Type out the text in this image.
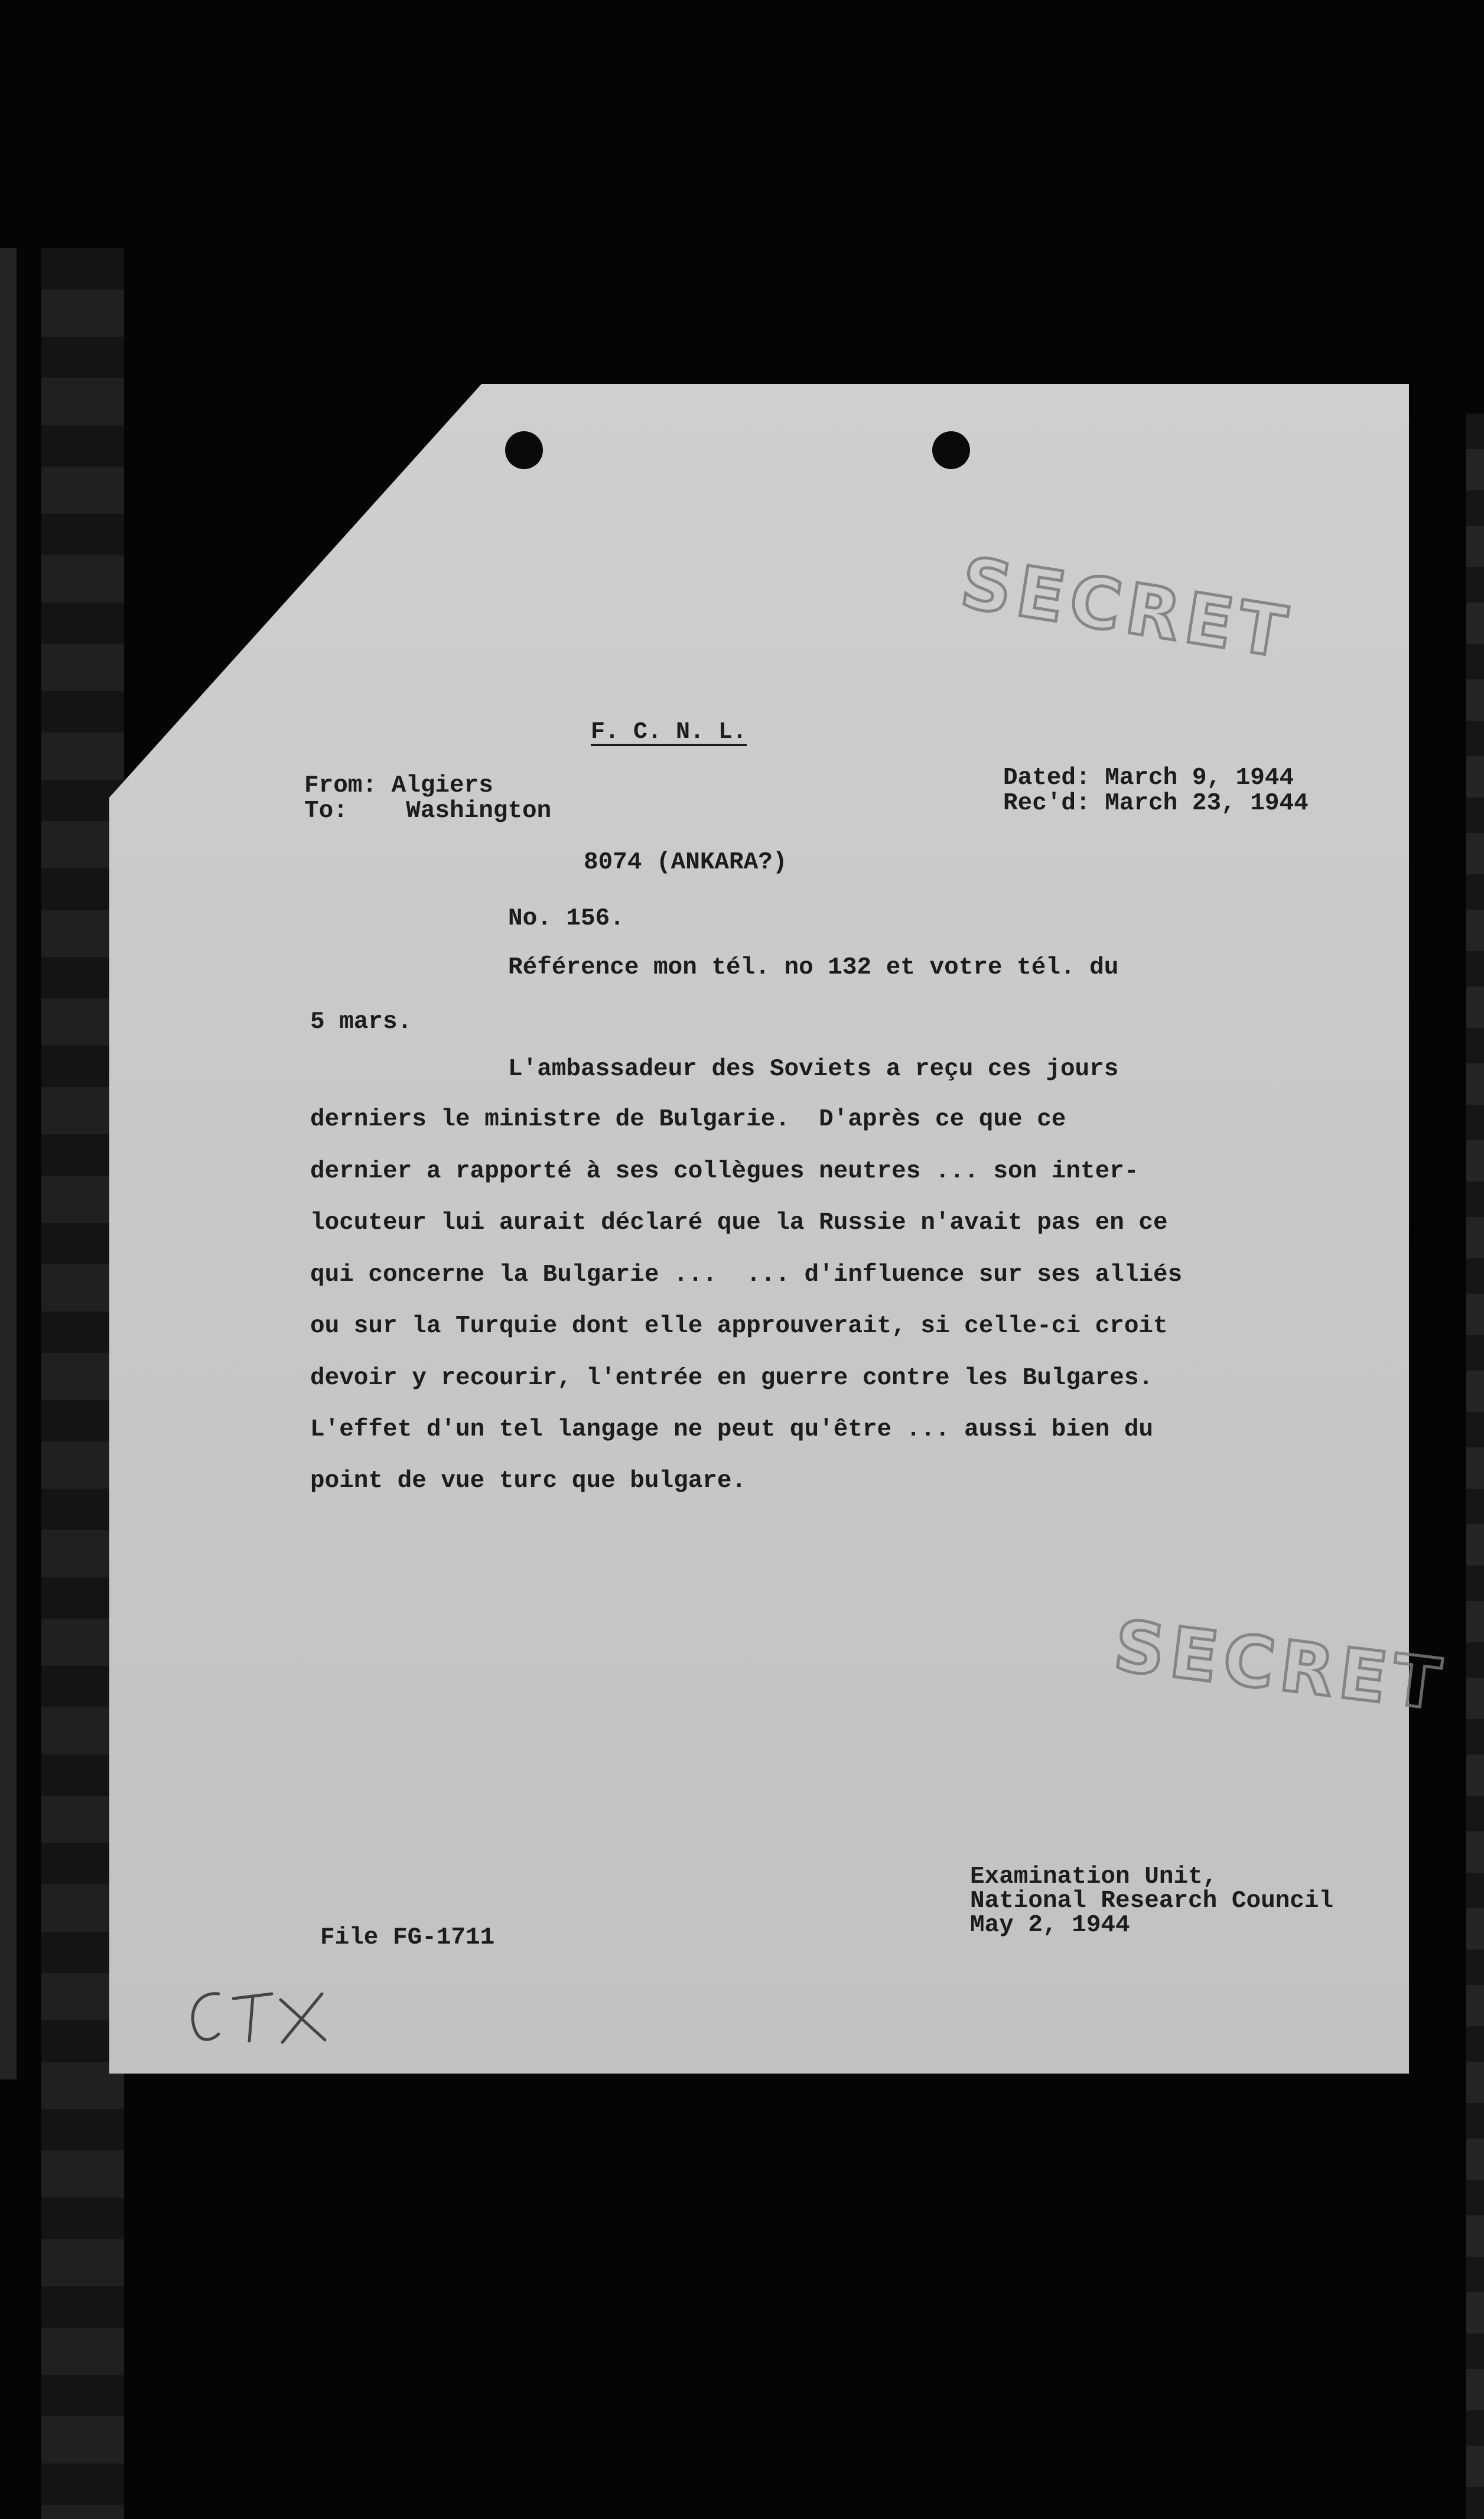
SECRET
SECRET
F. C. N. L.
From: Algiers
To:    Washington
Dated: March 9, 1944
Rec'd: March 23, 1944
8074 (ANKARA?)
No. 156.
Référence mon tél. no 132 et votre tél. du
5 mars.
L'ambassadeur des Soviets a reçu ces jours
derniers le ministre de Bulgarie.  D'après ce que ce
dernier a rapporté à ses collègues neutres ... son inter-
locuteur lui aurait déclaré que la Russie n'avait pas en ce
qui concerne la Bulgarie ...  ... d'influence sur ses alliés
ou sur la Turquie dont elle approuverait, si celle-ci croit
devoir y recourir, l'entrée en guerre contre les Bulgares.
L'effet d'un tel langage ne peut qu'être ... aussi bien du
point de vue turc que bulgare.
Examination Unit,
National Research Council
May 2, 1944
File FG-1711
